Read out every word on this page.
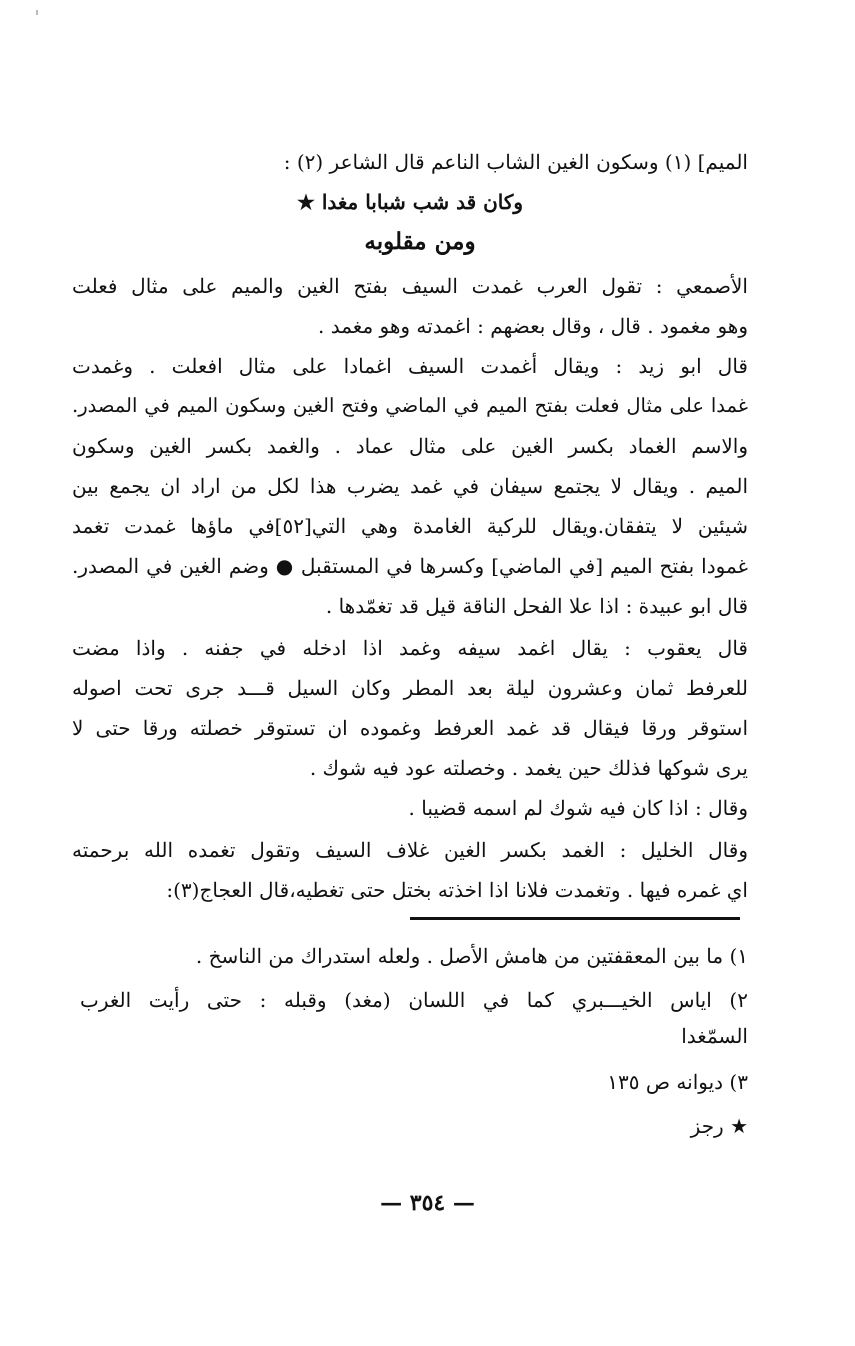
الميم] (١) وسكون الغين الشاب الناعم قال الشاعر (٢) :
وكان قد شب شبابا مغدا ★
ومن مقلوبه
الأصمعي : تقول العرب غمدت السيف بفتح الغين والميم على مثال فعلت
وهو مغمود . قال ، وقال بعضهم : اغمدته وهو مغمد .
قال ابو زيد : ويقال أغمدت السيف اغمادا على مثال افعلت . وغمدت
غمدا على مثال فعلت بفتح الميم في الماضي وفتح الغين وسكون الميم في المصدر.
والاسم الغماد بكسر الغين على مثال عماد . والغمد بكسر الغين وسكون
الميم . ويقال لا يجتمع سيفان في غمد يضرب هذا لكل من اراد ان يجمع بين
شيئين لا يتفقان.ويقال للركية الغامدة وهي التي[٥٢]في ماؤها غمدت تغمد
غمودا بفتح الميم [في الماضي] وكسرها في المستقبل ● وضم الغين في المصدر.
قال ابو عبيدة : اذا علا الفحل الناقة قيل قد تغمّدها .
قال يعقوب : يقال اغمد سيفه وغمد اذا ادخله في جفنه . واذا مضت
للعرفط ثمان وعشرون ليلة بعد المطر وكان السيل قـــد جرى تحت اصوله
استوقر ورقا فيقال قد غمد العرفط وغموده ان تستوقر خصلته ورقا حتى لا
يرى شوكها فذلك حين يغمد . وخصلته عود فيه شوك .
وقال : اذا كان فيه شوك لم اسمه قضيبا .
وقال الخليل : الغمد بكسر الغين غلاف السيف وتقول تغمده الله برحمته
اي غمره فيها . وتغمدت فلانا اذا اخذته بختل حتى تغطيه،قال العجاج(٣):
١) ما بين المعقفتين من هامش الأصل . ولعله استدراك من الناسخ .
٢) اياس الخيـــبري كما في اللسان (مغد) وقبله : حتى رأيت الغرب
السمّغدا
٣) ديوانه ص ١٣٥
★ رجز
— ٣٥٤ —
